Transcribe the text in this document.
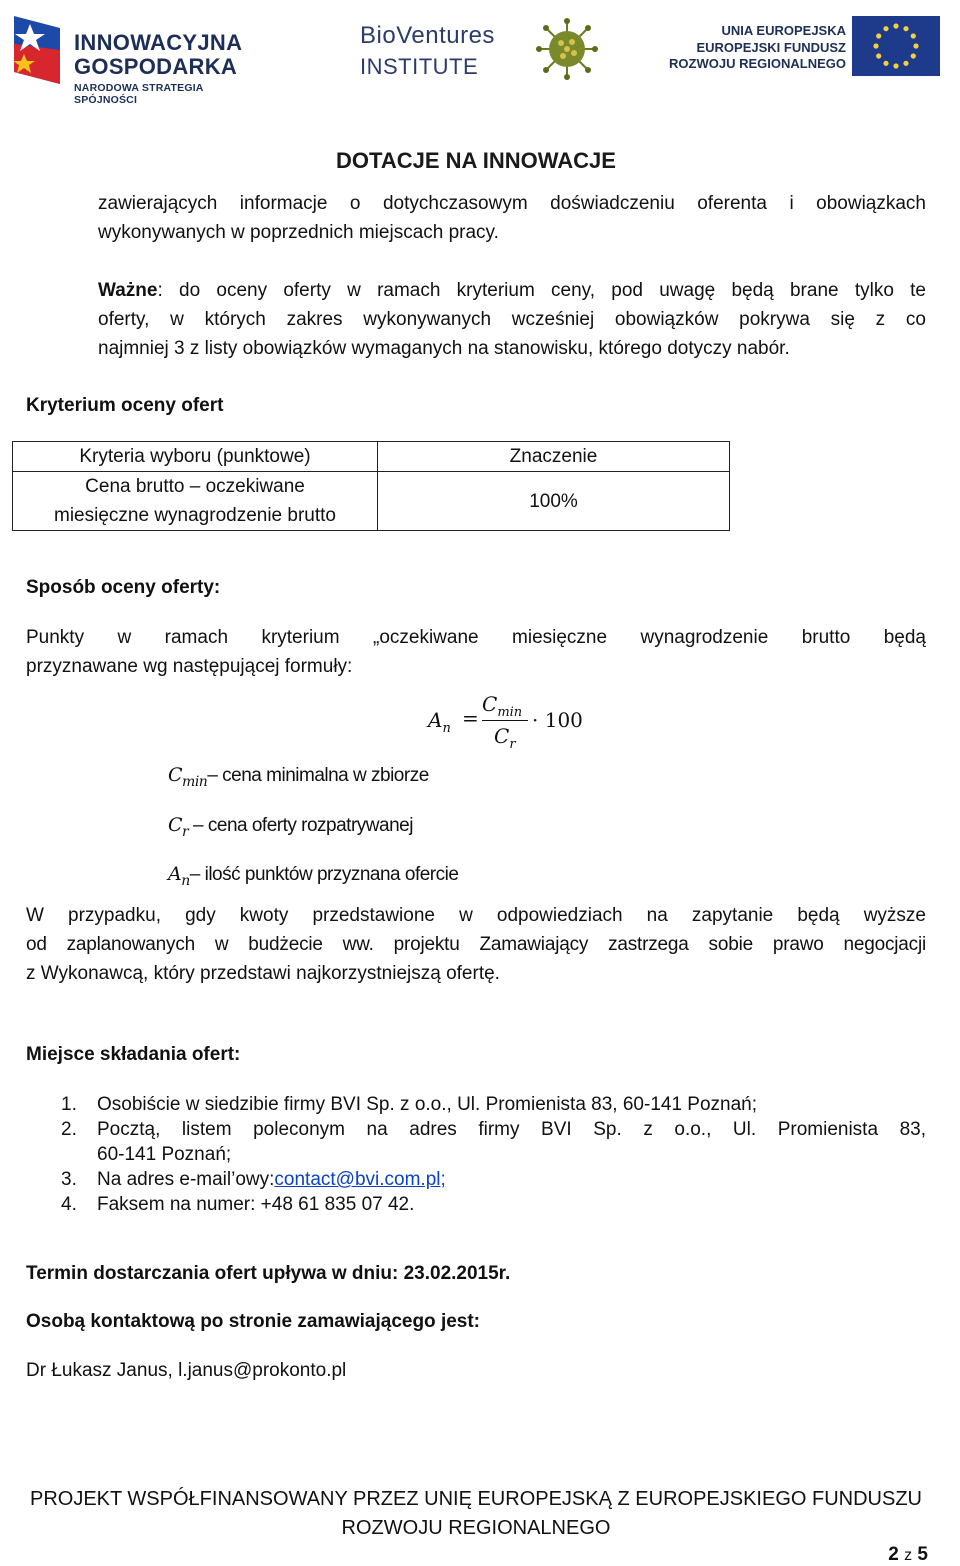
INNOWACYJNA
GOSPODARKA
NARODOWA STRATEGIA SPÓJNOŚCI
BioVentures
INSTITUTE
UNIA EUROPEJSKA
EUROPEJSKI FUNDUSZ
ROZWOJU REGIONALNEGO
DOTACJE NA INNOWACJE
zawierających informacje o dotychczasowym doświadczeniu oferenta i obowiązkach
wykonywanych w poprzednich miejscach pracy.
Ważne: do oceny oferty w ramach kryterium ceny, pod uwagę będą brane tylko te
oferty, w których zakres wykonywanych wcześniej obowiązków pokrywa się z co
najmniej 3 z listy obowiązków wymaganych na stanowisku, którego dotyczy nabór.
Kryterium oceny ofert
Kryteria wyboru (punktowe)	Znaczenie

Cena brutto – oczekiwane
miesięczne wynagrodzenie brutto	100%
Sposób oceny oferty:
Punkty w ramach kryterium „oczekiwane miesięczne wynagrodzenie brutto będą
przyznawane wg następującej formuły:
$A_n$ =
$C_{min}$
$C_r$
· 100
$C_{min}-$ cena minimalna w zbiorze
$C_r$ – cena oferty rozpatrywanej
$A_n-$ ilość punktów przyznana ofercie
W przypadku, gdy kwoty przedstawione w odpowiedziach na zapytanie będą wyższe
od zaplanowanych w budżecie ww. projektu Zamawiający zastrzega sobie prawo negocjacji
z Wykonawcą, który przedstawi najkorzystniejszą ofertę.
Miejsce składania ofert:
1. Osobiście w siedzibie firmy BVI Sp. z o.o., Ul. Promienista 83, 60-141 Poznań;
2. Pocztą, listem poleconym na adres firmy BVI Sp. z o.o., Ul. Promienista 83,
60-141 Poznań;
3. Na adres e-mail’owy:contact@bvi.com.pl;
4. Faksem na numer: +48 61 835 07 42.
Termin dostarczania ofert upływa w dniu: 23.02.2015r.
Osobą kontaktową po stronie zamawiającego jest:
Dr Łukasz Janus, l.janus@prokonto.pl
PROJEKT WSPÓŁFINANSOWANY PRZEZ UNIĘ EUROPEJSKĄ Z EUROPEJSKIEGO FUNDUSZU
ROZWOJU REGIONALNEGO
2 z 5
